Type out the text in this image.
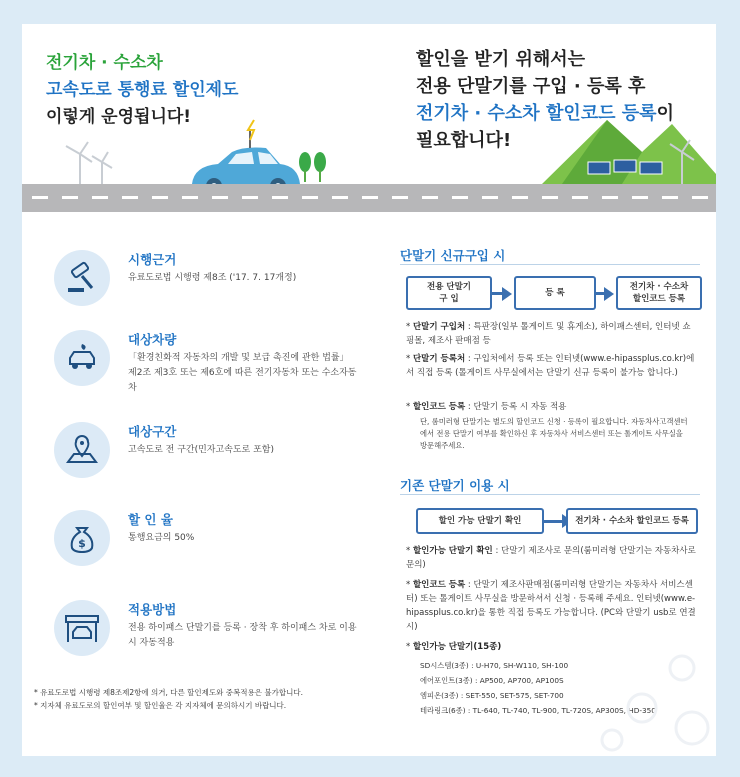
전기차 · 수소차
고속도로 통행료 할인제도
이렇게 운영됩니다!
할인을 받기 위해서는
전용 단말기를 구입 · 등록 후
전기차 · 수소차 할인코드 등록이
필요합니다!
시행근거
유료도로법 시행령 제8조 ('17. 7. 17개정)
대상차량
「환경친화적 자동차의 개발 및 보급 촉진에 관한 법률」 제2조 제3호 또는 제6호에 따른 전기자동차 또는 수소자동차
대상구간
고속도로 전 구간(민자고속도로 포함)
$
할 인 율
통행요금의 50%
적용방법
전용 하이패스 단말기를 등록 · 장착 후 하이패스 차로 이용 시 자동적용
* 유료도로법 시행령 제8조제2항에 의거, 다른 할인제도와 중복적용은 불가합니다.
* 지자체 유료도로의 할인여부 및 할인율은 각 지자체에 문의하시기 바랍니다.
단말기 신규구입 시
전용 단말기
구 입
등 록
전기차 · 수소차
할인코드 등록
* 단말기 구입처 : 특판장(일부 톨게이트 및 휴게소), 하이패스센터, 인터넷 쇼핑몰, 제조사 판매점 등
* 단말기 등록처 : 구입처에서 등록 또는 인터넷(www.e-hipassplus.co.kr)에서 직접 등록 (톨게이트 사무실에서는 단말기 신규 등록이 불가능 합니다.)
* 할인코드 등록 : 단말기 등록 시 자동 적용
단, 롬미러형 단말기는 별도의 할인코드 신청 · 등록이 필요합니다. 자동차사고객센터에서 전용 단말기 여부를 확인하신 후 자동차사 서비스센터 또는 톨게이트 사무실을 방문해주세요.
기존 단말기 이용 시
할인 가능 단말기 확인	전기차 · 수소차 할인코드 등록
* 할인가능 단말기 확인 : 단말기 제조사로 문의(룸미러형 단말기는 자동차사로 문의)
* 할인코드 등록 : 단말기 제조사판매점(룸미러형 단말기는 자동차사 서비스센터) 또는 톨게이트 사무실을 방문하셔서 신청 · 등록해 주세요. 인터넷(www.e-hipassplus.co.kr)을 통한 직접 등록도 가능합니다. (PC와 단말기 usb로 연결시)
* 할인가능 단말기(15종)
SD시스템(3종) : U-H70, SH-W110, SH-100
에어포인트(3종) : AP500, AP700, AP100S
엠피온(3종) : SET-550, SET-575, SET-700
테라링크(6종) : TL-640, TL-740, TL-900, TL-720S, AP300S, HD-350
